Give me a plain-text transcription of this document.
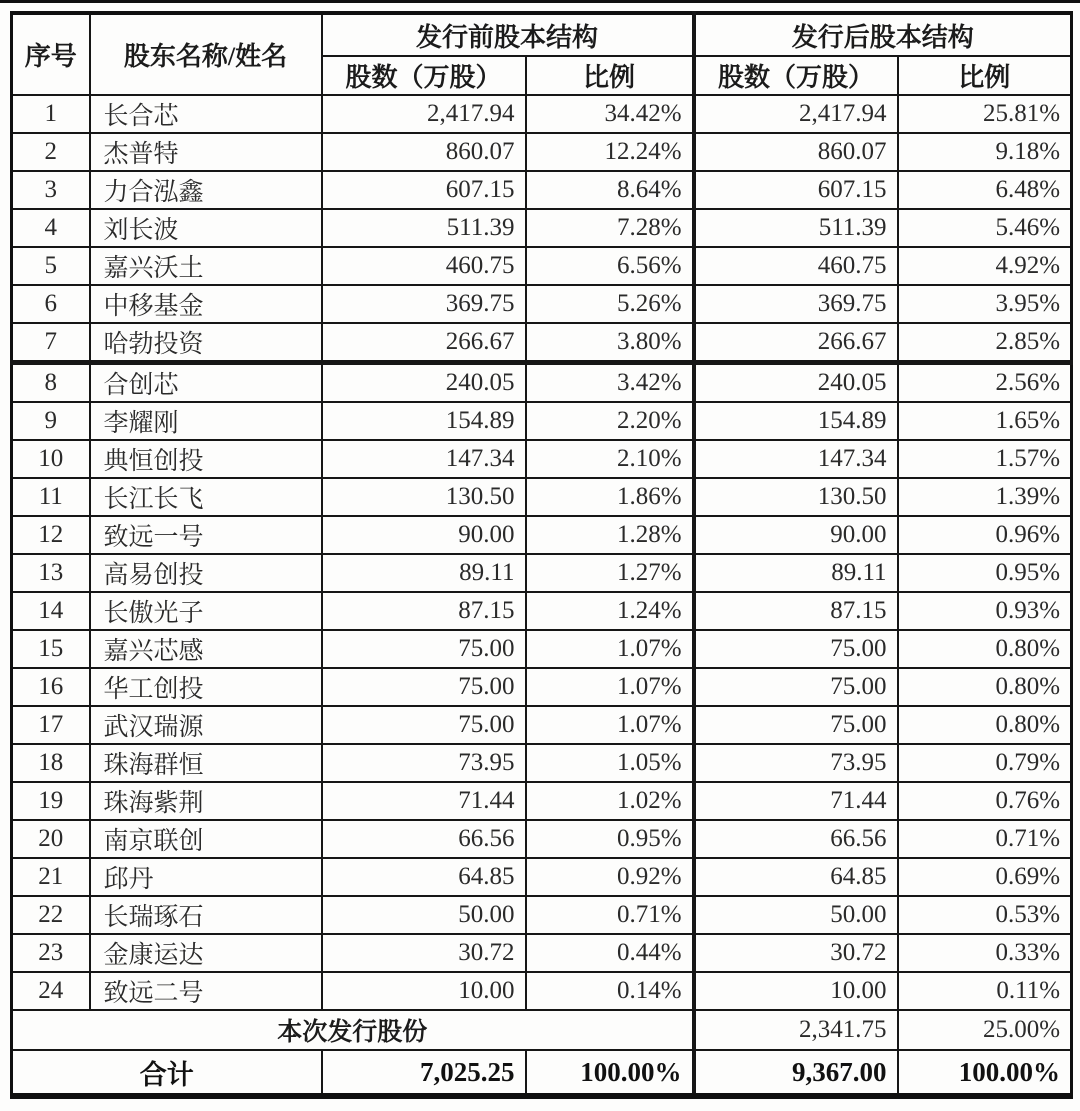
序号	股东名称/姓名	发行前股本结构		发行后股本结构	
		股数（万股）	比例	股数（万股）	比例
1	长合芯	2,417.94	34.42%	2,417.94	25.81%
2	杰普特	860.07	12.24%	860.07	9.18%
3	力合泓鑫	607.15	8.64%	607.15	6.48%
4	刘长波	511.39	7.28%	511.39	5.46%
5	嘉兴沃土	460.75	6.56%	460.75	4.92%
6	中移基金	369.75	5.26%	369.75	3.95%
7	哈勃投资	266.67	3.80%	266.67	2.85%
8	合创芯	240.05	3.42%	240.05	2.56%
9	李耀刚	154.89	2.20%	154.89	1.65%
10	典恒创投	147.34	2.10%	147.34	1.57%
11	长江长飞	130.50	1.86%	130.50	1.39%
12	致远一号	90.00	1.28%	90.00	0.96%
13	高易创投	89.11	1.27%	89.11	0.95%
14	长傲光子	87.15	1.24%	87.15	0.93%
15	嘉兴芯感	75.00	1.07%	75.00	0.80%
16	华工创投	75.00	1.07%	75.00	0.80%
17	武汉瑞源	75.00	1.07%	75.00	0.80%
18	珠海群恒	73.95	1.05%	73.95	0.79%
19	珠海紫荆	71.44	1.02%	71.44	0.76%
20	南京联创	66.56	0.95%	66.56	0.71%
21	邱丹	64.85	0.92%	64.85	0.69%
22	长瑞琢石	50.00	0.71%	50.00	0.53%
23	金康运达	30.72	0.44%	30.72	0.33%
24	致远二号	10.00	0.14%	10.00	0.11%
本次发行股份				2,341.75	25.00%
合计		7,025.25	100.00%	9,367.00	100.00%
